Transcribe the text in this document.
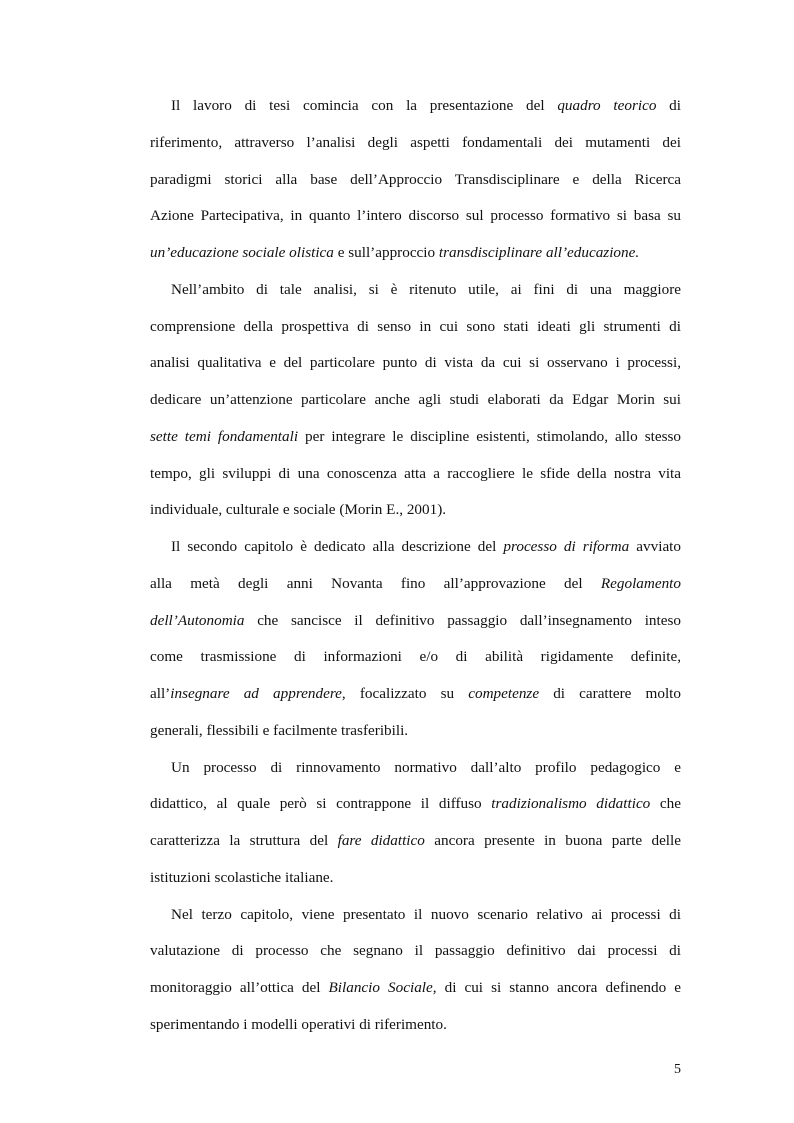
Il lavoro di tesi comincia con la presentazione del quadro teorico di
riferimento, attraverso l’analisi degli aspetti fondamentali dei mutamenti dei
paradigmi storici alla base dell’Approccio Transdisciplinare e della Ricerca
Azione Partecipativa, in quanto l’intero discorso sul processo formativo si basa su
un’educazione sociale olistica e sull’approccio transdisciplinare all’educazione.
Nell’ambito di tale analisi, si è ritenuto utile, ai fini di una maggiore
comprensione della prospettiva di senso in cui sono stati ideati gli strumenti di
analisi qualitativa e del particolare punto di vista da cui si osservano i processi,
dedicare un’attenzione particolare anche agli studi elaborati da Edgar Morin sui
sette temi fondamentali per integrare le discipline esistenti, stimolando, allo stesso
tempo, gli sviluppi di una conoscenza atta a raccogliere le sfide della nostra vita
individuale, culturale e sociale (Morin E., 2001).
Il secondo capitolo è dedicato alla descrizione del processo di riforma avviato
alla metà degli anni Novanta fino all’approvazione del Regolamento
dell’Autonomia che sancisce il definitivo passaggio dall’insegnamento inteso
come trasmissione di informazioni e/o di abilità rigidamente definite,
all’insegnare ad apprendere, focalizzato su competenze di carattere molto
generali, flessibili e facilmente trasferibili.
Un processo di rinnovamento normativo dall’alto profilo pedagogico e
didattico, al quale però si contrappone il diffuso tradizionalismo didattico che
caratterizza la struttura del fare didattico ancora presente in buona parte delle
istituzioni scolastiche italiane.
Nel terzo capitolo, viene presentato il nuovo scenario relativo ai processi di
valutazione di processo che segnano il passaggio definitivo dai processi di
monitoraggio all’ottica del Bilancio Sociale, di cui si stanno ancora definendo e
sperimentando i modelli operativi di riferimento.
5
